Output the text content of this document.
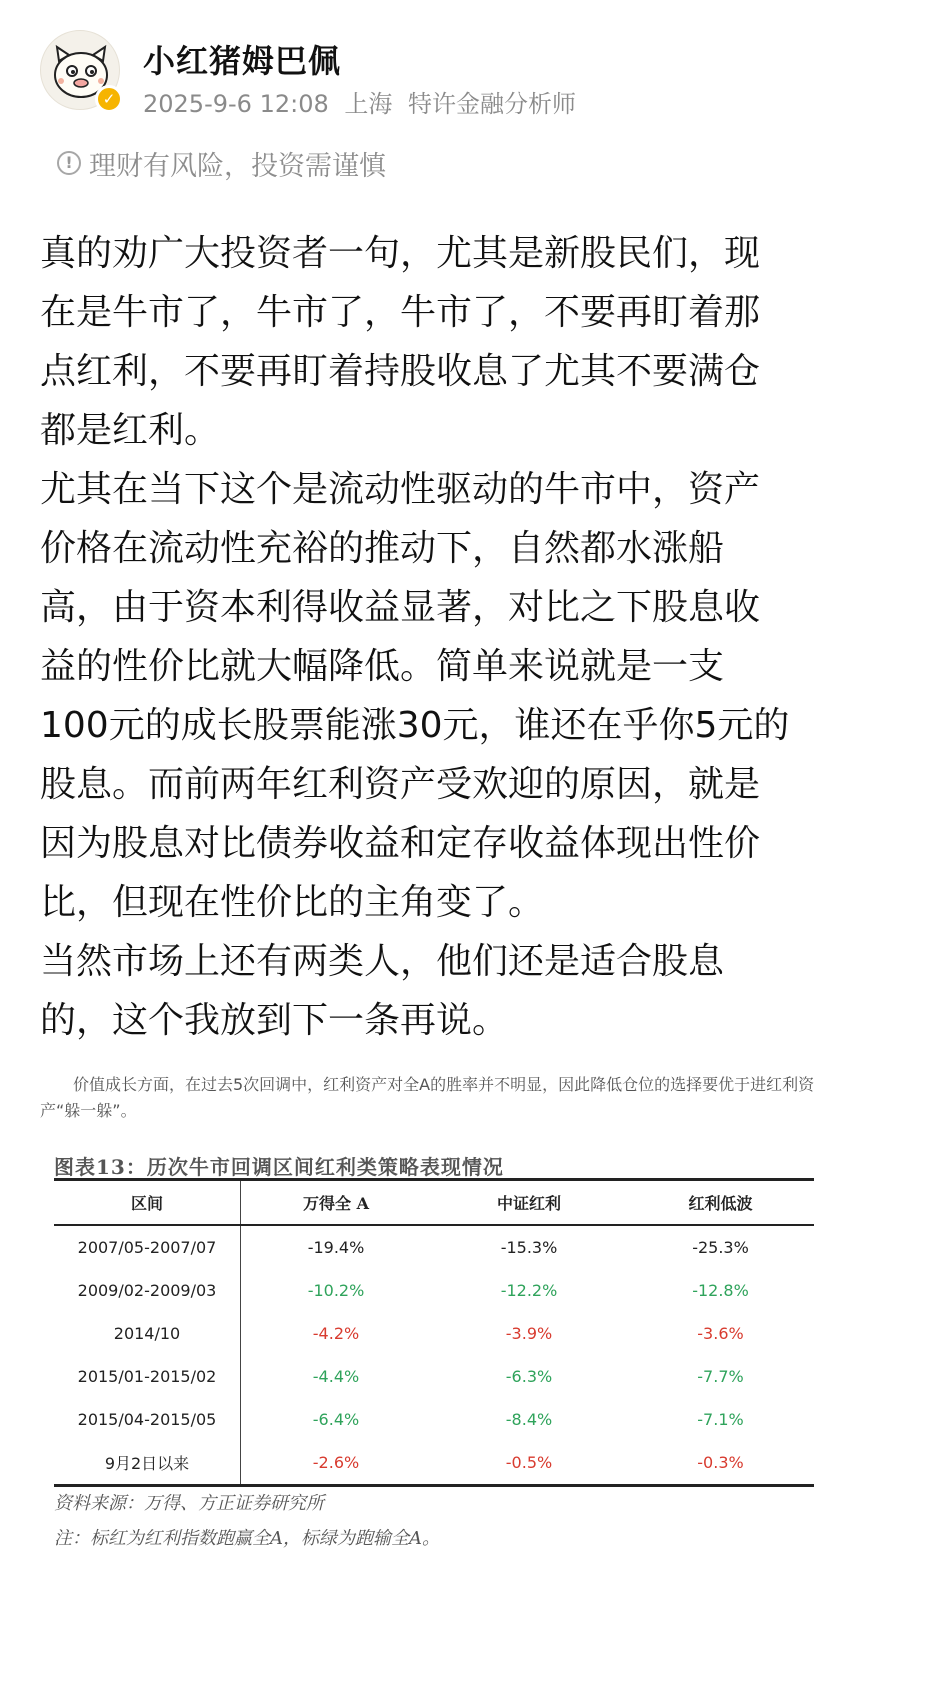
✓
小红猪姆巴佩
2025-9-6 12:08 上海 特许金融分析师
! 理财有风险，投资需谨慎
真的劝广大投资者一句，尤其是新股民们，现
在是牛市了，牛市了，牛市了，不要再盯着那
点红利，不要再盯着持股收息了尤其不要满仓
都是红利。
尤其在当下这个是流动性驱动的牛市中，资产
价格在流动性充裕的推动下，自然都水涨船
高，由于资本利得收益显著，对比之下股息收
益的性价比就大幅降低。简单来说就是一支
100元的成长股票能涨30元，谁还在乎你5元的
股息。而前两年红利资产受欢迎的原因，就是
因为股息对比债券收益和定存收益体现出性价
比，但现在性价比的主角变了。
当然市场上还有两类人，他们还是适合股息
的，这个我放到下一条再说。
价值成长方面，在过去5次回调中，红利资产对全A的胜率并不明显，因此降低仓位的选择要优于进红利资产“躲一躲”。
图表13：历次牛市回调区间红利类策略表现情况
区间	万得全 A	中证红利	红利低波
2007/05-2007/07	-19.4%	-15.3%	-25.3%
2009/02-2009/03	-10.2%	-12.2%	-12.8%
2014/10	-4.2%	-3.9%	-3.6%
2015/01-2015/02	-4.4%	-6.3%	-7.7%
2015/04-2015/05	-6.4%	-8.4%	-7.1%
9月2日以来	-2.6%	-0.5%	-0.3%
资料来源：万得、方正证券研究所
注：标红为红利指数跑赢全A，标绿为跑输全A。
